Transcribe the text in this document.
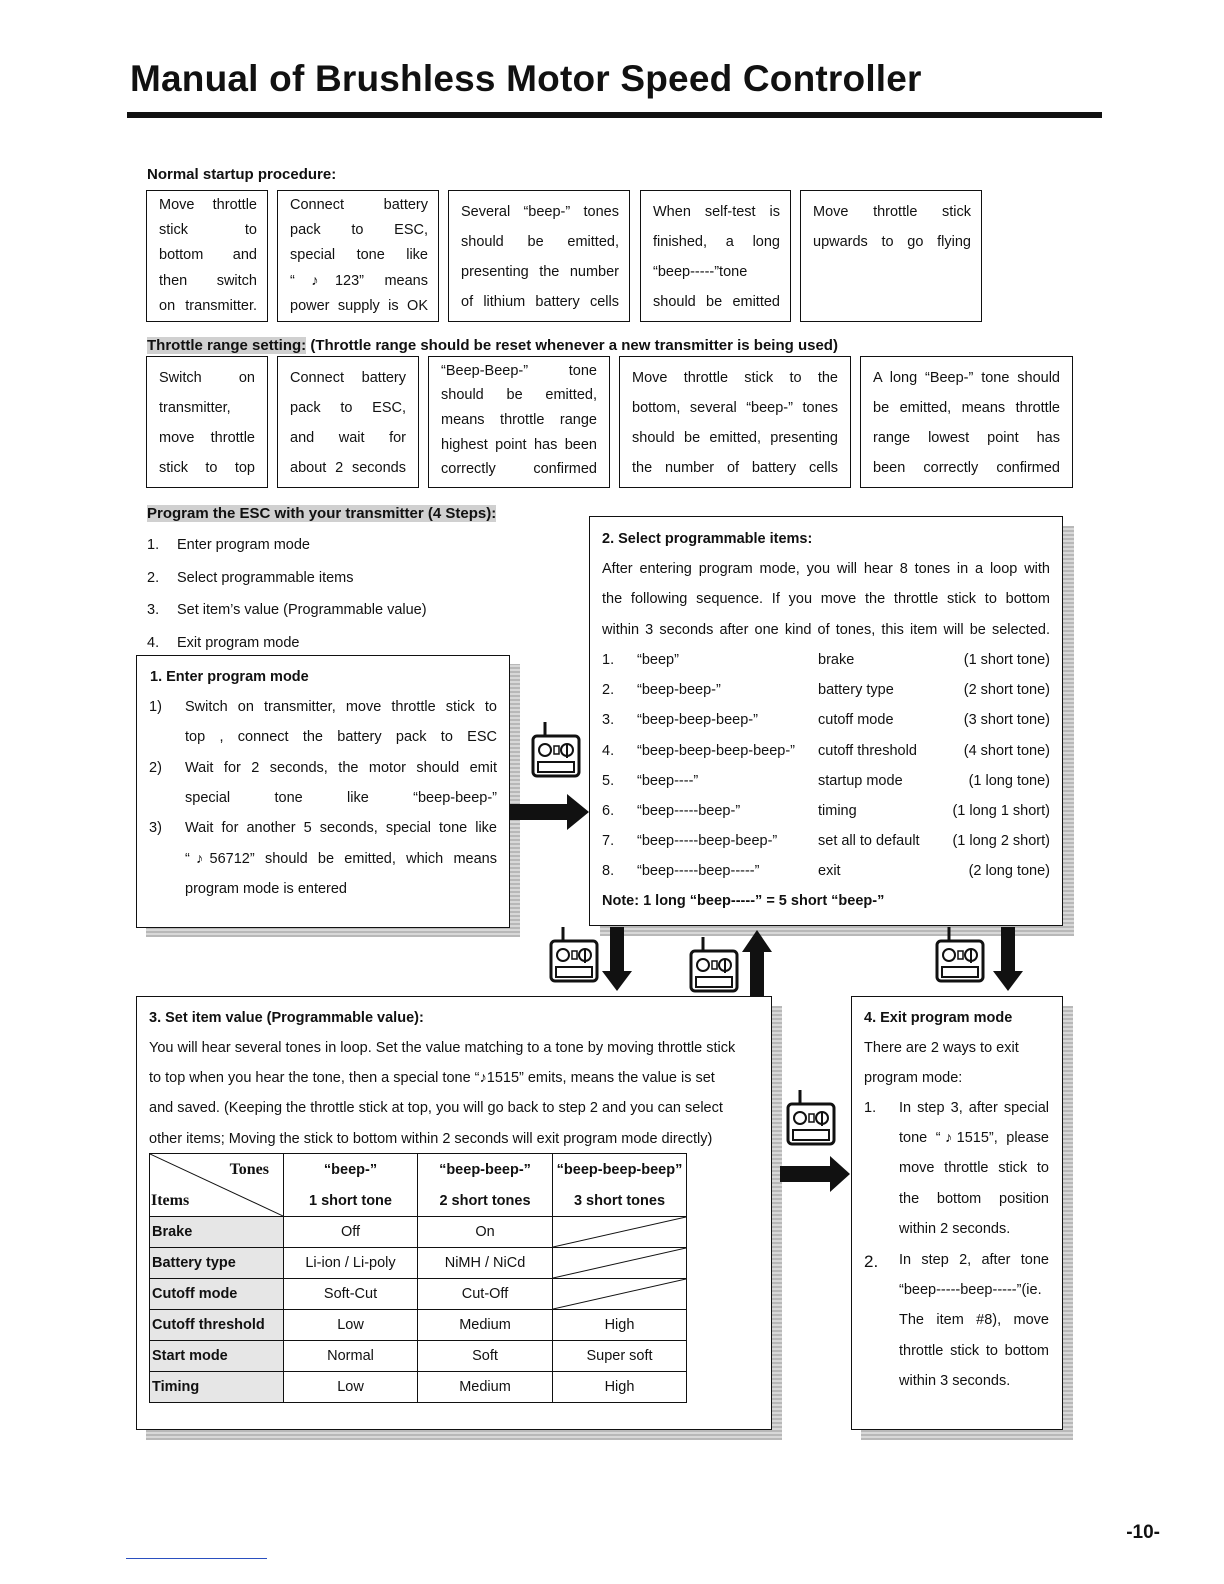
Manual of Brushless Motor Speed Controller
Normal startup procedure:
Move throttle
stick to
bottom and
then switch
on transmitter.
Connect battery
pack to ESC,
special tone like
“♪123” means
power supply is OK
Several “beep-” tones
should be emitted,
presenting the number
of lithium battery cells
When self-test is
finished, a long
“beep-----”tone
should be emitted
Move throttle stick
upwards to go flying
Throttle range setting: (Throttle range should be reset whenever a new transmitter is being used)
Switch on
transmitter,
move throttle
stick to top
Connect battery
pack to ESC,
and wait for
about 2 seconds
“Beep-Beep-” tone
should be emitted,
means throttle range
highest point has been
correctly confirmed
Move throttle stick to the
bottom, several “beep-” tones
should be emitted, presenting
the number of battery cells
A long “Beep-” tone should
be emitted, means throttle
range lowest point has
been correctly confirmed
Program the ESC with your transmitter (4 Steps):
1. Enter program mode
2. Select programmable items
3. Set item’s value (Programmable value)
4. Exit program mode
1. Enter program mode
1) Switch on transmitter, move throttle stick to
top , connect the battery pack to ESC
2) Wait for 2 seconds, the motor should emit
special tone like “beep-beep-”
3) Wait for another 5 seconds, special tone like
“♪56712” should be emitted, which means
program mode is entered
2. Select programmable items:
After entering program mode, you will hear 8 tones in a loop with
the following sequence. If you move the throttle stick to bottom
within 3 seconds after one kind of tones, this item will be selected.
1. “beep”	brake	(1 short tone)
2. “beep-beep-”	battery type	(2 short tone)
3. “beep-beep-beep-”	cutoff mode	(3 short tone)
4. “beep-beep-beep-beep-” cutoff threshold	(4 short tone)
5. “beep----”	startup mode	(1 long tone)
6. “beep-----beep-”	timing	(1 long 1 short)
7. “beep-----beep-beep-”	set all to default (1 long 2 short)
8. “beep-----beep-----”	exit	(2 long tone)
Note: 1 long “beep-----” = 5 short “beep-”
3. Set item value (Programmable value):
You will hear several tones in loop. Set the value matching to a tone by moving throttle stick
to top when you hear the tone, then a special tone “♪1515” emits, means the value is set
and saved. (Keeping the throttle stick at top, you will go back to step 2 and you can select
other items; Moving the stick to bottom within 2 seconds will exit program mode directly)
Tones
Items	“beep-”	“beep-beep-”	“beep-beep-beep”
	1 short tone	2 short tones	3 short tones
Brake	Off	On	

Battery type	Li-ion / Li-poly	NiMH / NiCd	

Cutoff mode	Soft-Cut	Cut-Off	

Cutoff threshold	Low	Medium	High
Start mode	Normal	Soft	Super soft
Timing	Low	Medium	High
4. Exit program mode
There are 2 ways to exit
program mode:
1. In step 3, after special
tone “♪1515”, please
move throttle stick to
the bottom position
within 2 seconds.
2. In step 2, after tone
“beep-----beep-----”(ie.
The item #8), move
throttle stick to bottom
within 3 seconds.
-10-
